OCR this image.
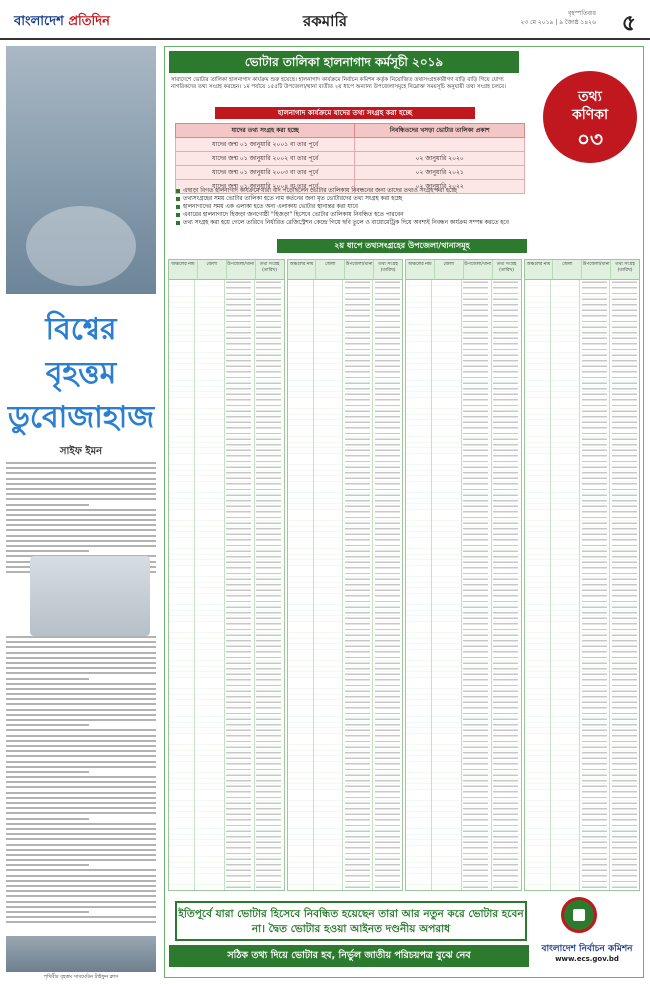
বাংলাদেশ প্রতিদিন	রকমারি	বৃহস্পতিবার
২৩ মে ২০১৯ | ৯ জ্যৈষ্ঠ ১৪২৬ ৫
বিশ্বের বৃহত্তম ডুবোজাহাজ
সাইফ ইমন
পৃথিবীর বৃহত্তম সাবমেরিন টাইফুন ক্লাস
ভোটার তালিকা হালনাগাদ কর্মসূচী ২০১৯
সারাদেশে ভোটার তালিকা হালনাগাদ কার্যক্রম শুরু হয়েছে। হালনাগাদ কার্যক্রমে নির্বাচন কমিশন কর্তৃক নিয়োজিত তথ্যসংগ্রহকারীগণ বাড়ি বাড়ি গিয়ে যোগ্য নাগরিকদের তথ্য সংগ্রহ করছেন। ১ম পর্যায়ে ১৫৫টি উপজেলা/থানা ব্যতীত ২য় ধাপে অন্যান্য উপজেলাসমূহে নিম্নোক্ত সময়সূচি অনুযায়ী তথ্য সংগ্রহ চলবে।
তথ্য
কণিকা
০৩
হালনাগাদ কার্যক্রমে যাদের তথ্য সংগ্রহ করা হচ্ছে
যাদের তথ্য সংগ্রহ করা হচ্ছে	নিবন্ধিতদের খসড়া ভোটার তালিকা প্রকাশ
যাদের জন্ম ০১ জানুয়ারি ২০০১ বা তার পূর্বে	
যাদের জন্ম ০১ জানুয়ারি ২০০২ বা তার পূর্বে	০২ জানুয়ারি ২০২০
যাদের জন্ম ০১ জানুয়ারি ২০০৩ বা তার পূর্বে	০২ জানুয়ারি ২০২১
যাদের জন্ম ০১ জানুয়ারি ২০০৪ বা তার পূর্বে	০২ জানুয়ারি ২০২২
এছাড়া বিগত হালনাগাদ কার্যক্রমে যারা বাদ পড়েছিলেন ভোটার তালিকায় নিবন্ধনের জন্য তাদের তথ্যও সংগ্রহ করা হচ্ছে
তথ্যসংগ্রহের সময় ভোটার তালিকা হতে নাম কর্তনের জন্য মৃত ভোটারদের তথ্য সংগ্রহ করা হচ্ছে
হালনাগাদের সময় এক এলাকা হতে অন্য এলাকায় ভোটার স্থানান্তর করা যাবে
এবারের হালনাগাদে হিজড়া জনগোষ্ঠী "হিজড়া" হিসেবে ভোটার তালিকায় নিবন্ধিত হতে পারবেন
তথ্য সংগ্রহ করা হয়ে গেলে তারিখে নির্ধারিত রেজিস্ট্রেশন কেন্দ্রে গিয়ে ছবি তুলে ও বায়োমেট্রিক দিয়ে অবশ্যই নিবন্ধন কার্যক্রম সম্পন্ন করতে হবে
২য় ধাপে তথ্যসংগ্রহের উপজেলা/থানাসমূহ
অঞ্চলের নাম	জেলা	উপজেলা/থানা	তথ্য সংগ্রহ (তারিখ)
অঞ্চলের নাম	জেলা	উপজেলা/থানা	তথ্য সংগ্রহ (তারিখ)
অঞ্চলের নাম	জেলা	উপজেলা/থানা	তথ্য সংগ্রহ (তারিখ)
অঞ্চলের নাম	জেলা	উপজেলা/থানা	তথ্য সংগ্রহ (তারিখ)
ইতিপূর্বে যারা ভোটার হিসেবে নিবন্ধিত হয়েছেন তারা আর নতুন করে ভোটার হবেন না। দ্বৈত ভোটার হওয়া আইনত দণ্ডনীয় অপরাধ
সঠিক তথ্য দিয়ে ভোটার হব, নির্ভুল জাতীয় পরিচয়পত্র বুঝে নেব
বাংলাদেশ নির্বাচন কমিশন
www.ecs.gov.bd
